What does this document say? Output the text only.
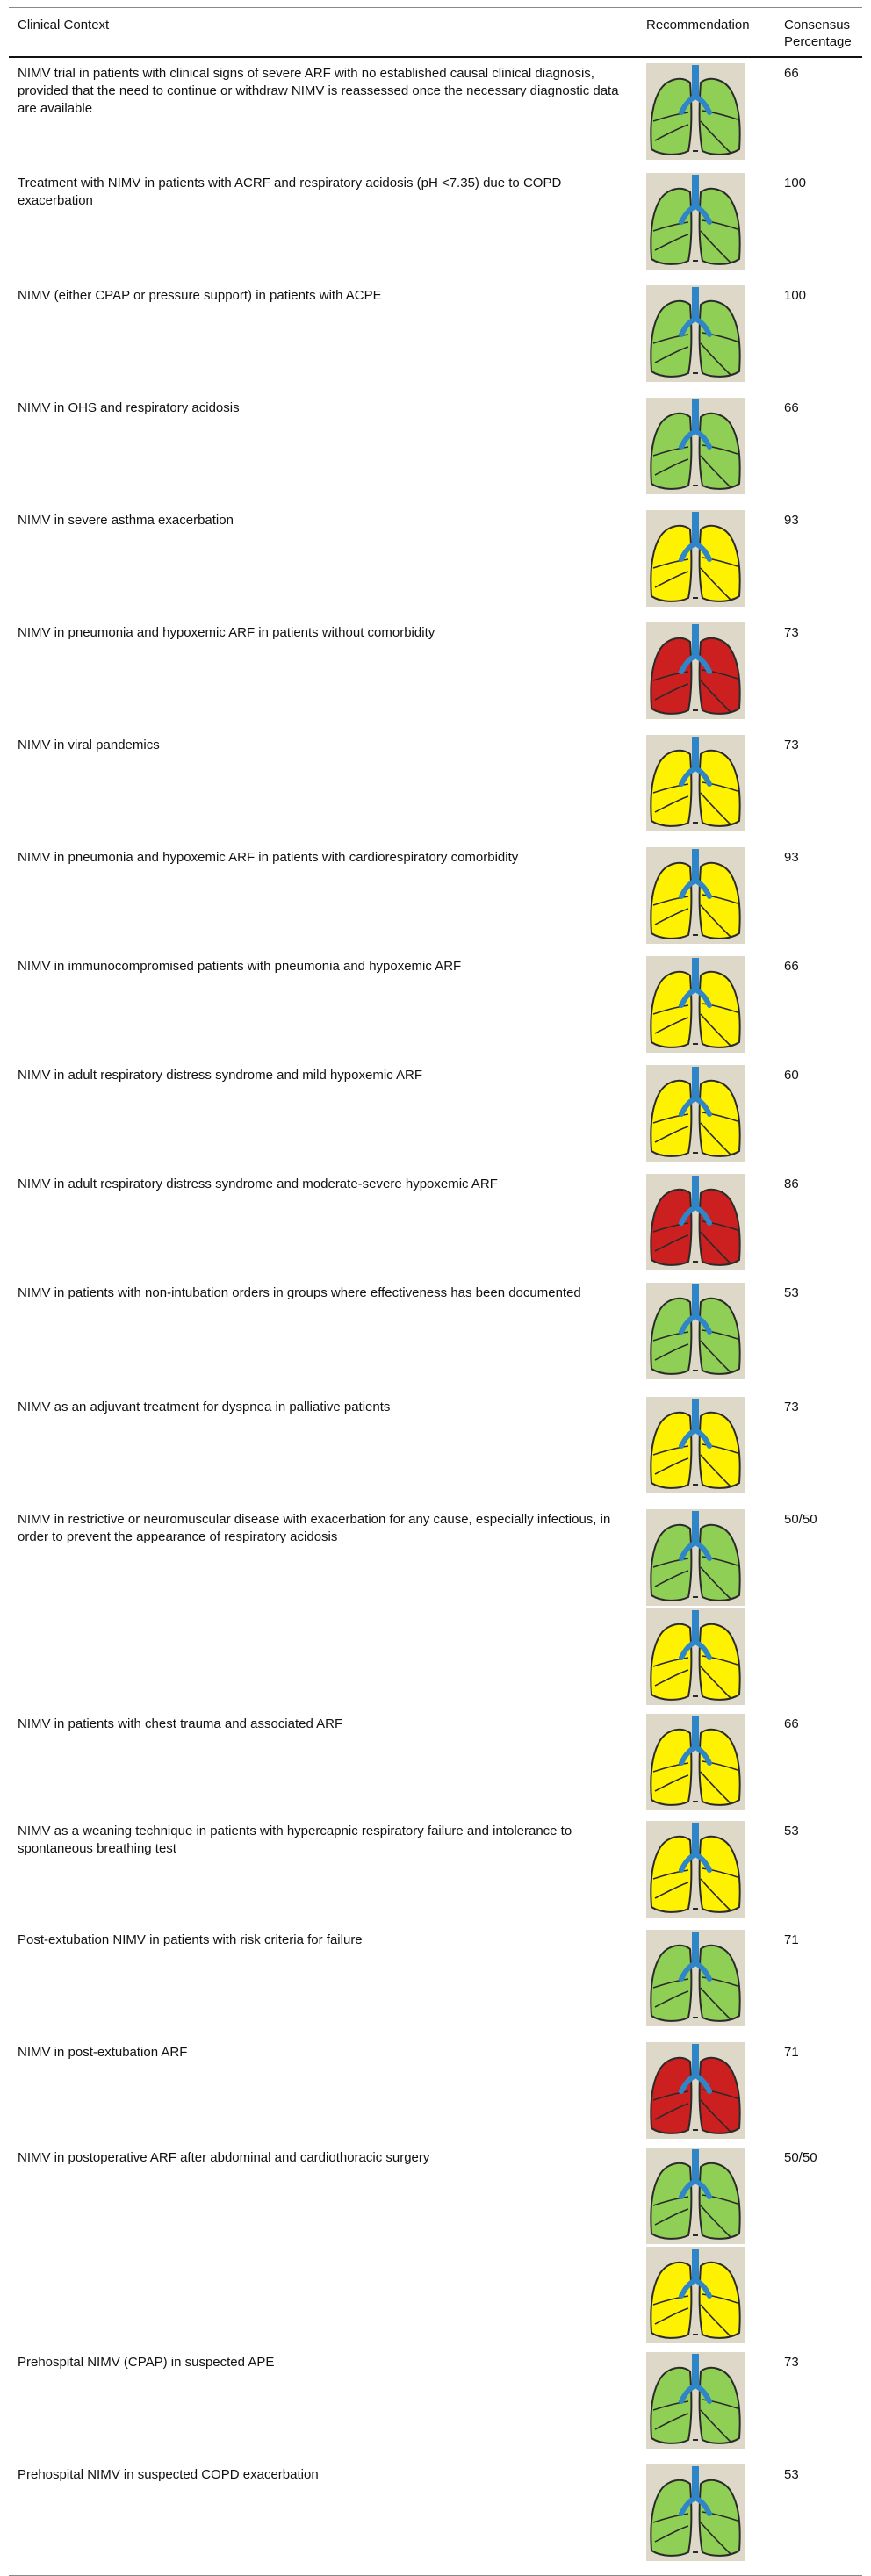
Clinical Context	Recommendation	Consensus Percentage
NIMV trial in patients with clinical signs of severe ARF with no established causal clinical diagnosis, provided that the need to continue or withdraw NIMV is reassessed once the necessary diagnostic data are available		66
Treatment with NIMV in patients with ACRF and respiratory acidosis (pH <7.35) due to COPD exacerbation		100
NIMV (either CPAP or pressure support) in patients with ACPE		100
NIMV in OHS and respiratory acidosis		66
NIMV in severe asthma exacerbation		93
NIMV in pneumonia and hypoxemic ARF in patients without comorbidity		73
NIMV in viral pandemics		73
NIMV in pneumonia and hypoxemic ARF in patients with cardiorespiratory comorbidity		93
NIMV in immunocompromised patients with pneumonia and hypoxemic ARF		66
NIMV in adult respiratory distress syndrome and mild hypoxemic ARF		60
NIMV in adult respiratory distress syndrome and moderate-severe hypoxemic ARF		86
NIMV in patients with non-intubation orders in groups where effectiveness has been documented		53
NIMV as an adjuvant treatment for dyspnea in palliative patients		73
NIMV in restrictive or neuromuscular disease with exacerbation for any cause, especially infectious, in order to prevent the appearance of respiratory acidosis		50/50
NIMV in patients with chest trauma and associated ARF		66
NIMV as a weaning technique in patients with hypercapnic respiratory failure and intolerance to spontaneous breathing test		53
Post-extubation NIMV in patients with risk criteria for failure		71
NIMV in post-extubation ARF		71
NIMV in postoperative ARF after abdominal and cardiothoracic surgery		50/50
Prehospital NIMV (CPAP) in suspected APE		73
Prehospital NIMV in suspected COPD exacerbation		53
